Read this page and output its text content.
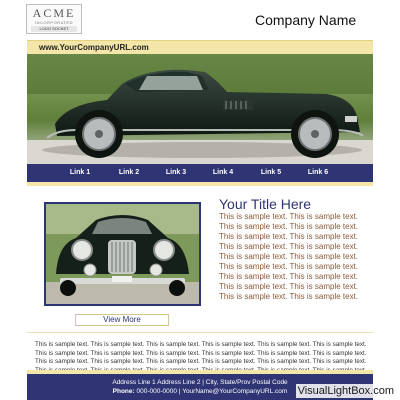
ACME
INCORPORATED
LOGO SOCKET
Company Name
www.YourCompanyURL.com
Link 1	Link 2	Link 3	Link 4	Link 5	Link 6
View More
Your Title Here
This is sample text. This is sample text. This is sample text. This is sample text. This is sample text. This is sample text. This is sample text. This is sample text. This is sample text. This is sample text. This is sample text. This is sample text. This is sample text. This is sample text. This is sample text. This is sample text. This is sample text. This is sample text.
This is sample text. This is sample text. This is sample text. This is sample text. This is sample text. This is sample text. This is sample text. This is sample text. This is sample text. This is sample text. This is sample text. This is sample text. This is sample text. This is sample text. This is sample text. This is sample text. This is sample text. This is sample text.
Address Line 1 Address Line 2 | City, State/Prov Postal Code
Phone: 000-000-0000 | YourName@YourCompanyURL.com VisualLightBox.com
